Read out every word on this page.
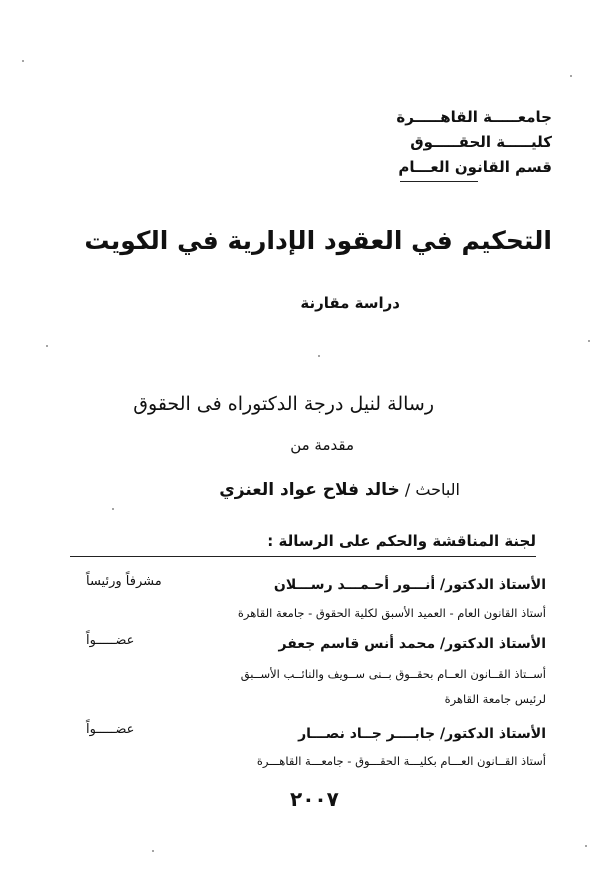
جامعـــــة القاهـــــرة
كليـــــة الحقـــــوق
قسم القانون العـــام
التحكيم في العقود الإدارية في الكويت
دراسة مقارنة
رسالة لنيل درجة الدكتوراه فى الحقوق
مقدمة من
الباحث / خالد فلاح عواد العنزي
لجنة المناقشة والحكم على الرسالة :
الأستاذ الدكتور/ أنـــور أحـمـــد رســـلان
أستاذ القانون العام - العميد الأسبق لكلية الحقوق - جامعة القاهرة
مشرفاً ورئيساً
الأستاذ الدكتور/ محمد أنس قاسم جعفر
أســتاذ القــانون العــام بحقــوق بــنى ســويف والنائــب الأســبق
لرئيس جامعة القاهرة
عضـــــواً
الأستاذ الدكتور/ جابــــر جــاد نصـــار
أستاذ القــانون العـــام بكليـــة الحقـــوق - جامعـــة القاهـــرة
عضـــــواً
٢٠٠٧
